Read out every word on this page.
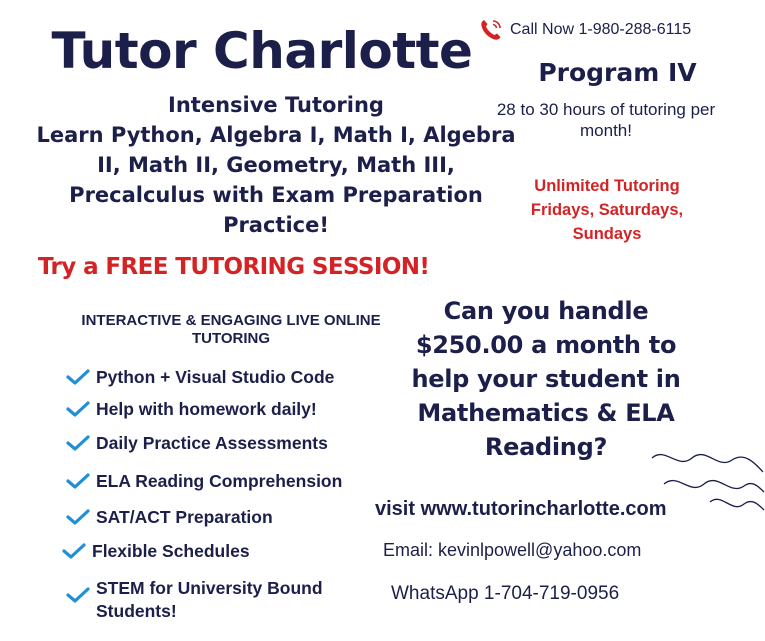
Tutor Charlotte
Intensive Tutoring
Learn Python, Algebra I, Math I, Algebra II, Math II, Geometry, Math III, Precalculus with Exam Preparation Practice!
Try a FREE TUTORING SESSION!
Call Now 1-980-288-6115
Program IV
28 to 30 hours of tutoring per month!
Unlimited Tutoring Fridays, Saturdays, Sundays
INTERACTIVE & ENGAGING LIVE ONLINE TUTORING
Python + Visual Studio Code
Help with homework daily!
Daily Practice Assessments
ELA Reading Comprehension
SAT/ACT Preparation
Flexible Schedules
STEM for University Bound Students!
Can you handle $250.00 a month to help your student in Mathematics & ELA Reading?
visit www.tutorincharlotte.com
Email: kevinlpowell@yahoo.com
WhatsApp 1-704-719-0956
